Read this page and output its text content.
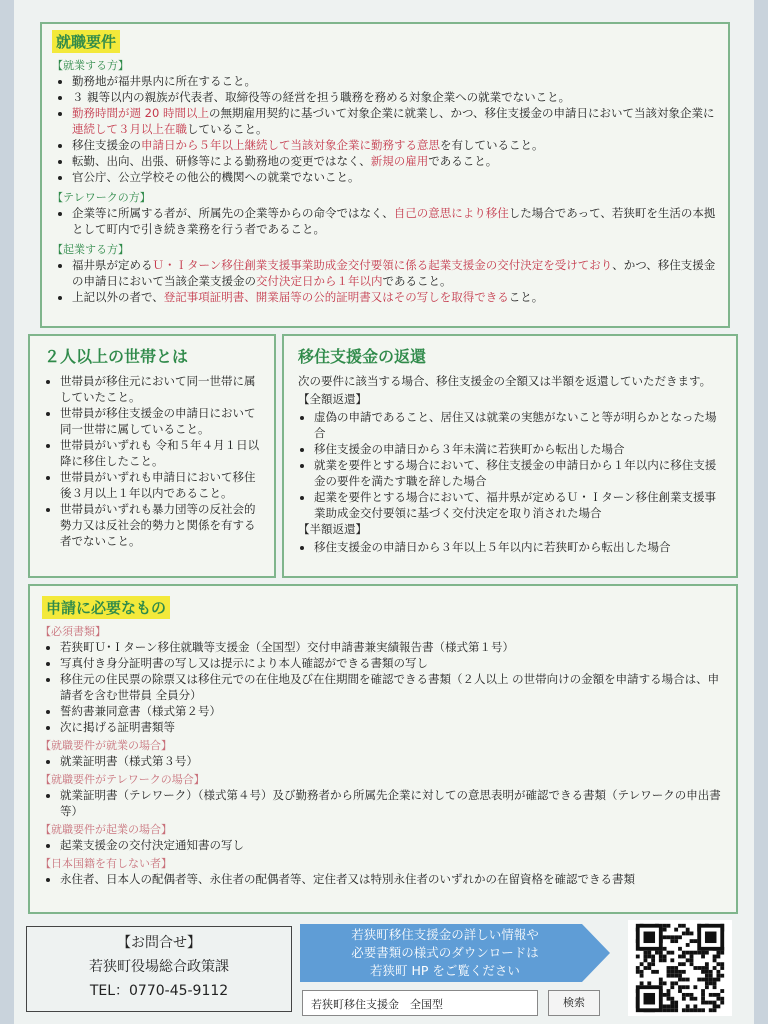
就職要件
【就業する方】
• 勤務地が福井県内に所在すること。
• ３ 親等以内の親族が代表者、取締役等の経営を担う職務を務める対象企業への就業でないこと。
• 勤務時間が週 20 時間以上の無期雇用契約に基づいて対象企業に就業し、かつ、移住支援金の申請日において当該対象企業に連続して３月以上在職していること。
• 移住支援金の申請日から５年以上継続して当該対象企業に勤務する意思を有していること。
• 転勤、出向、出張、研修等による勤務地の変更ではなく、新規の雇用であること。
• 官公庁、公立学校その他公的機関への就業でないこと。
【テレワークの方】
• 企業等に所属する者が、所属先の企業等からの命令ではなく、自己の意思により移住した場合であって、若狭町を生活の本拠として町内で引き続き業務を行う者であること。
【起業する方】
• 福井県が定めるＵ・Ｉターン移住創業支援事業助成金交付要領に係る起業支援金の交付決定を受けており、かつ、移住支援金の申請日において当該企業支援金の交付決定日から１年以内であること。
• 上記以外の者で、登記事項証明書、開業届等の公的証明書又はその写しを取得できること。
２人以上の世帯とは
• 世帯員が移住元において同一世帯に属していたこと。
• 世帯員が移住支援金の申請日において同一世帯に属していること。
• 世帯員がいずれも 令和５年４月１日以降に移住したこと。
• 世帯員がいずれも申請日において移住後３月以上１年以内であること。
• 世帯員がいずれも暴力団等の反社会的勢力又は反社会的勢力と関係を有する者でないこと。
移住支援金の返還
次の要件に該当する場合、移住支援金の全額又は半額を返還していただきます。
【全額返還】
• 虚偽の申請であること、居住又は就業の実態がないこと等が明らかとなった場合
• 移住支援金の申請日から３年未満に若狭町から転出した場合
• 就業を要件とする場合において、移住支援金の申請日から１年以内に移住支援金の要件を満たす職を辞した場合
• 起業を要件とする場合において、福井県が定めるＵ・Ｉターン移住創業支援事業助成金交付要領に基づく交付決定を取り消された場合
【半額返還】
• 移住支援金の申請日から３年以上５年以内に若狭町から転出した場合
申請に必要なもの
【必須書類】
• 若狭町Ｕ･Ｉターン移住就職等支援金（全国型）交付申請書兼実績報告書（様式第１号）
• 写真付き身分証明書の写し又は提示により本人確認ができる書類の写し
• 移住元の住民票の除票又は移住元での在住地及び在住期間を確認できる書類（２人以上 の世帯向けの金額を申請する場合は、申請者を含む世帯員 全員分）
• 誓約書兼同意書（様式第２号）
• 次に掲げる証明書類等
【就職要件が就業の場合】
• 就業証明書（様式第３号）
【就職要件がテレワークの場合】
• 就業証明書（テレワーク）（様式第４号）及び勤務者から所属先企業に対しての意思表明が確認できる書類（テレワークの申出書等）
【就職要件が起業の場合】
• 起業支援金の交付決定通知書の写し
【日本国籍を有しない者】
• 永住者、日本人の配偶者等、永住者の配偶者等、定住者又は特別永住者のいずれかの在留資格を確認できる書類
【お問合せ】
若狭町役場総合政策課
TEL：0770-45-9112
若狭町移住支援金の詳しい情報や
必要書類の様式のダウンロードは
若狭町 HP をご覧ください
若狭町移住支援金　全国型	検索
